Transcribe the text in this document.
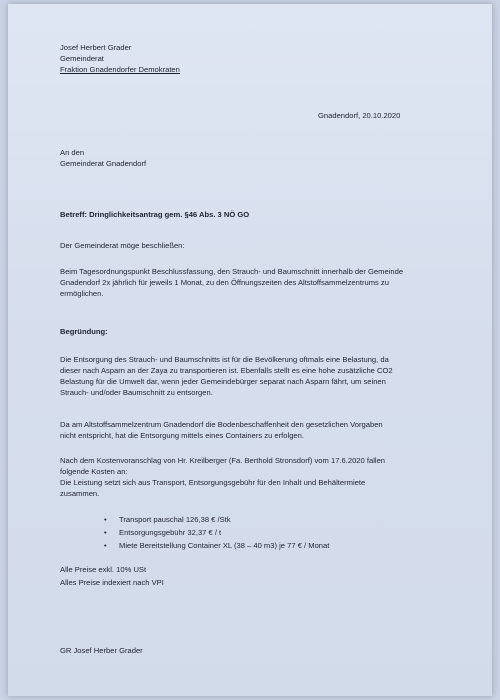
Josef Herbert Grader
Gemeinderat
Fraktion Gnadendorfer Demokraten
Gnadendorf, 20.10.2020
An den
Gemeinderat Gnadendorf
Betreff: Dringlichkeitsantrag gem. §46 Abs. 3 NÖ GO
Der Gemeinderat möge beschließen:
Beim Tagesordnungspunkt Beschlussfassung, den Strauch- und Baumschnitt innerhalb der Gemeinde
Gnadendorf 2x jährlich für jeweils 1 Monat, zu den Öffnungszeiten des Altstoffsammelzentrums zu
ermöglichen.
Begründung:
Die Entsorgung des Strauch- und Baumschnitts ist für die Bevölkerung oftmals eine Belastung, da
dieser nach Asparn an der Zaya zu transportieren ist. Ebenfalls stellt es eine hohe zusätzliche CO2
Belastung für die Umwelt dar, wenn jeder Gemeindebürger separat nach Asparn fährt, um seinen
Strauch- und/oder Baumschnitt zu entsorgen.
Da am Altstoffsammelzentrum Gnadendorf die Bodenbeschaffenheit den gesetzlichen Vorgaben
nicht entspricht, hat die Entsorgung mittels eines Containers zu erfolgen.
Nach dem Kostenvoranschlag von Hr. Kreilberger (Fa. Berthold Stronsdorf) vom 17.6.2020 fallen
folgende Kosten an:
Die Leistung setzt sich aus Transport, Entsorgungsgebühr für den Inhalt und Behältermiete
zusammen.
• Transport pauschal 126,38 € /Stk
• Entsorgungsgebühr 32,37 € / t
• Miete Bereitstellung Container XL (38 – 40 m3) je 77 € / Monat
Alle Preise exkl. 10% USt
Alles Preise indexiert nach VPI
GR Josef Herber Grader
